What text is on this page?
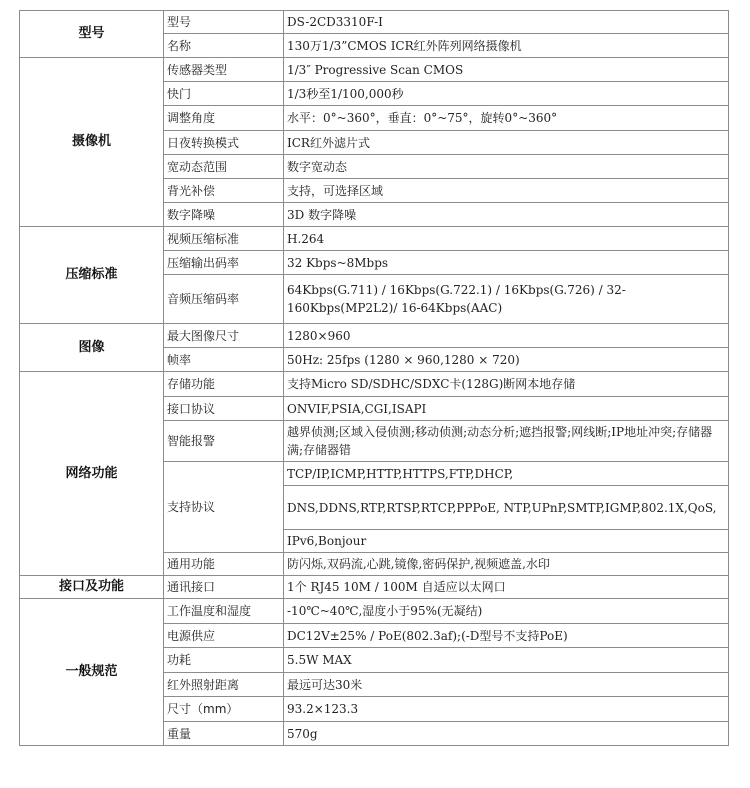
型号	型号	DS-2CD3310F-I
	名称	130万1/3”CMOS ICR红外阵列网络摄像机
摄像机	传感器类型	1/3″ Progressive Scan CMOS
	快门	1/3秒至1/100,000秒
	调整角度	水平：0°~360°，垂直：0°~75°，旋转0°~360°
	日夜转换模式	ICR红外滤片式
	宽动态范围	数字宽动态
	背光补偿	支持，可选择区域
	数字降噪	3D 数字降噪
压缩标准	视频压缩标准	H.264
	压缩输出码率	32 Kbps~8Mbps
	音频压缩码率	64Kbps(G.711) / 16Kbps(G.722.1) / 16Kbps(G.726) / 32-160Kbps(MP2L2)/ 16-64Kbps(AAC)
图像	最大图像尺寸	1280×960
	帧率	50Hz: 25fps (1280 × 960,1280 × 720)
网络功能	存储功能	支持Micro SD/SDHC/SDXC卡(128G)断网本地存储
	接口协议	ONVIF,PSIA,CGI,ISAPI
	智能报警	越界侦测;区域入侵侦测;移动侦测;动态分析;遮挡报警;网线断;IP地址冲突;存储器满;存储器错
	支持协议	TCP/IP,ICMP,HTTP,HTTPS,FTP,DHCP,
		DNS,DDNS,RTP,RTSP,RTCP,PPPoE, NTP,UPnP,SMTP,IGMP,802.1X,QoS,
		IPv6,Bonjour
	通用功能	防闪烁,双码流,心跳,镜像,密码保护,视频遮盖,水印
接口及功能	通讯接口	1个 RJ45 10M / 100M 自适应以太网口
一般规范	工作温度和湿度	-10℃~40℃,湿度小于95%(无凝结)
	电源供应	DC12V±25% / PoE(802.3af);(-D型号不支持PoE)
	功耗	5.5W MAX
	红外照射距离	最远可达30米
	尺寸（mm）	93.2×123.3
	重量	570g
